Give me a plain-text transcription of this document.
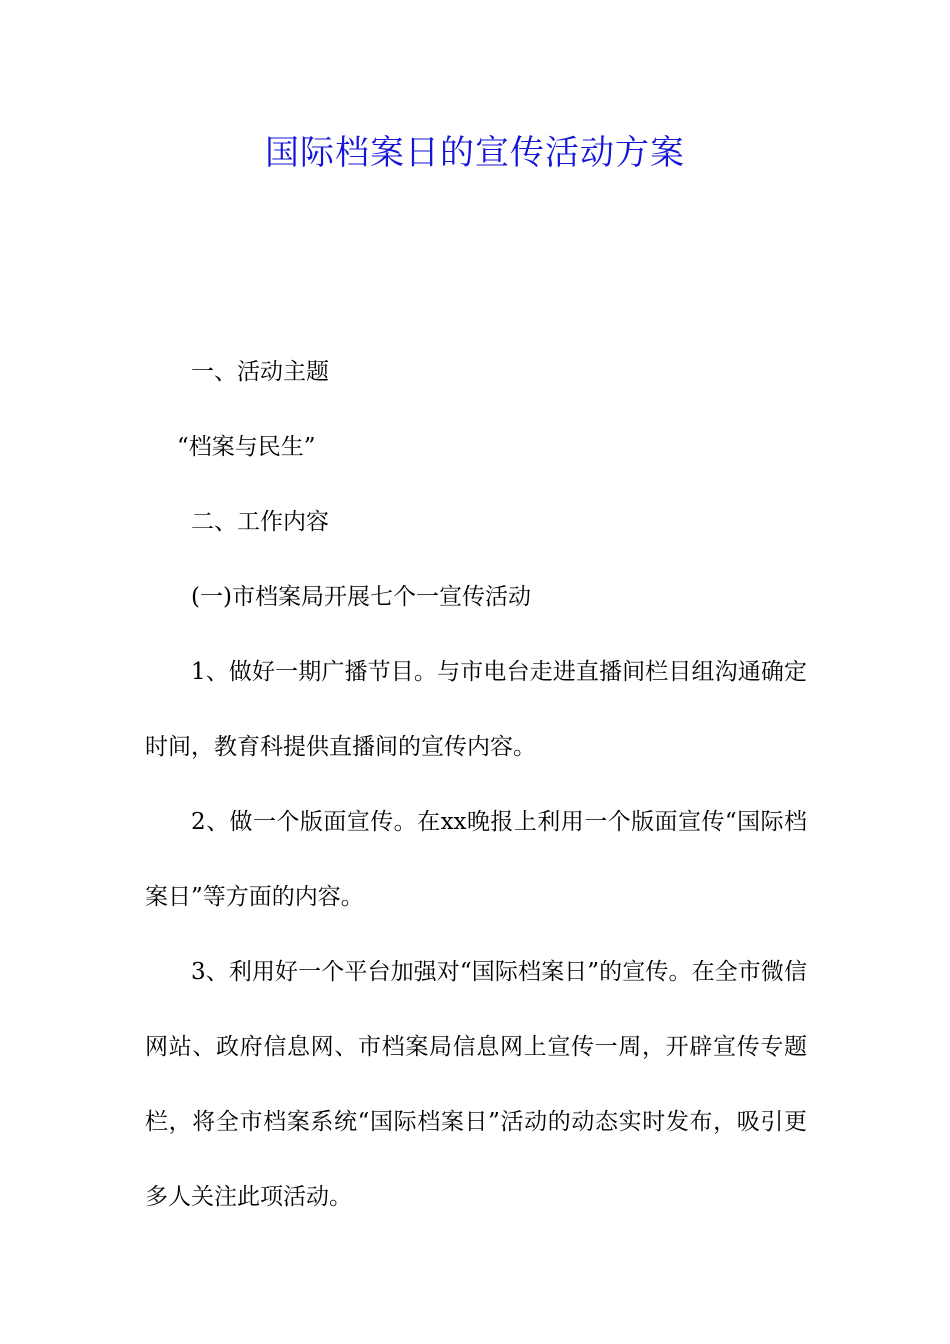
国际档案日的宣传活动方案

一、活动主题

“档案与民生”

二、工作内容

(一)市档案局开展七个一宣传活动

1、做好一期广播节目。与市电台走进直播间栏目组沟通确定时间，教育科提供直播间的宣传内容。

2、做一个版面宣传。在xx晚报上利用一个版面宣传“国际档案日”等方面的内容。

3、利用好一个平台加强对“国际档案日”的宣传。在全市微信网站、政府信息网、市档案局信息网上宣传一周，开辟宣传专题栏，将全市档案系统“国际档案日”活动的动态实时发布，吸引更多人关注此项活动。
